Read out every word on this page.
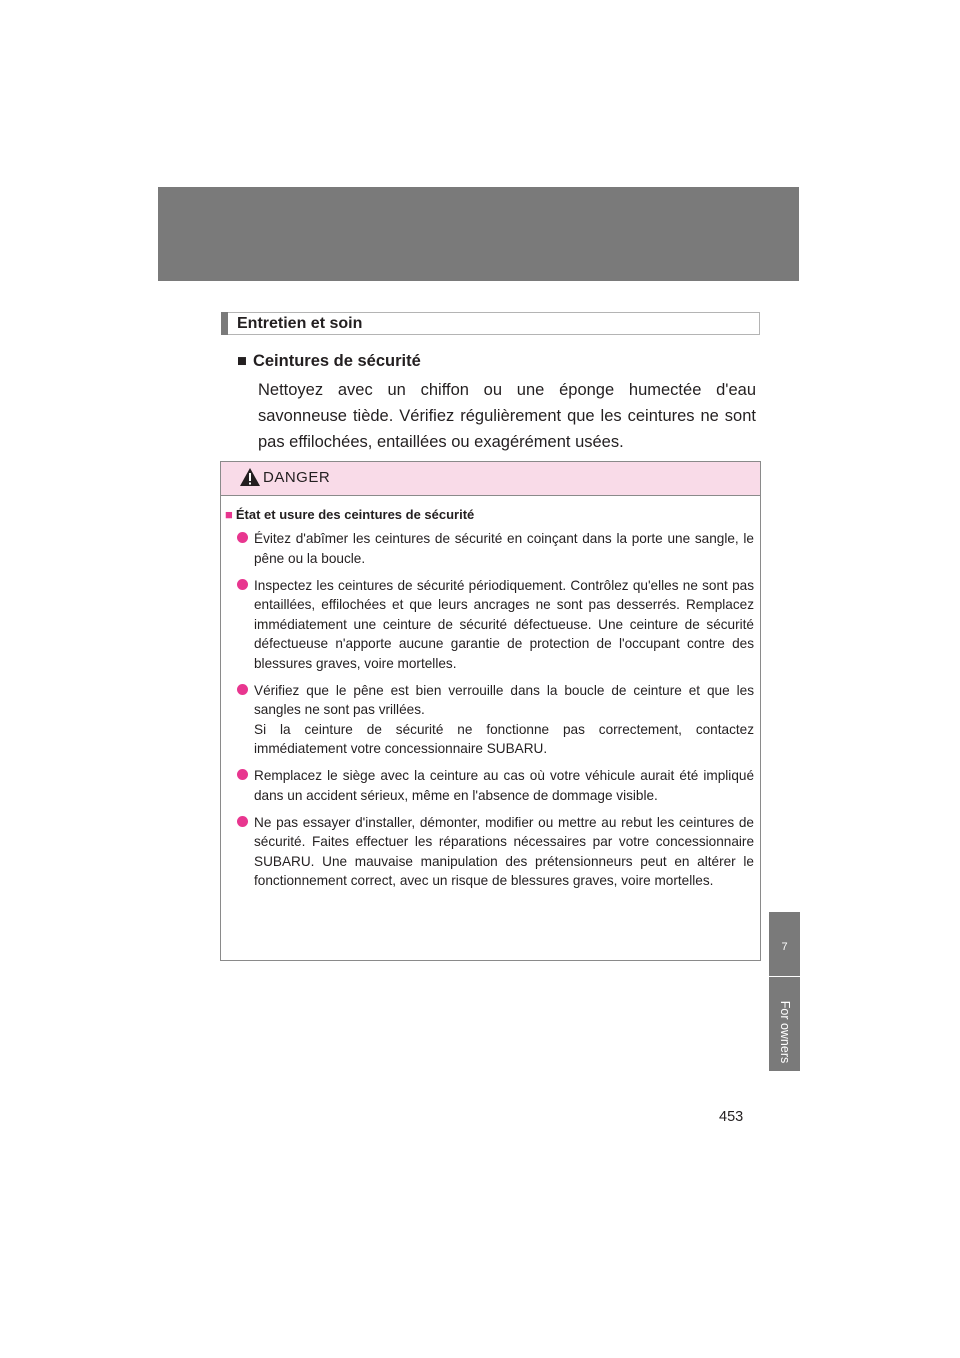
Entretien et soin
■ Ceintures de sécurité
Nettoyez avec un chiffon ou une éponge humectée d'eau savonneuse tiède. Vérifiez régulièrement que les ceintures ne sont pas effilochées, entaillées ou exagérément usées.
DANGER
■ État et usure des ceintures de sécurité
Évitez d'abîmer les ceintures de sécurité en coinçant dans la porte une sangle, le pêne ou la boucle.
Inspectez les ceintures de sécurité périodiquement. Contrôlez qu'elles ne sont pas entaillées, effilochées et que leurs ancrages ne sont pas desserrés. Remplacez immédiatement une ceinture de sécurité défectueuse. Une ceinture de sécurité défectueuse n'apporte aucune garantie de protection de l'occupant contre des blessures graves, voire mortelles.
Vérifiez que le pêne est bien verrouille dans la boucle de ceinture et que les sangles ne sont pas vrillées.
Si la ceinture de sécurité ne fonctionne pas correctement, contactez immédiatement votre concessionnaire SUBARU.
Remplacez le siège avec la ceinture au cas où votre véhicule aurait été impliqué dans un accident sérieux, même en l'absence de dommage visible.
Ne pas essayer d'installer, démonter, modifier ou mettre au rebut les ceintures de sécurité. Faites effectuer les réparations nécessaires par votre concessionnaire SUBARU. Une mauvaise manipulation des prétensionneurs peut en altérer le fonctionnement correct, avec un risque de blessures graves, voire mortelles.
7
For owners
453
